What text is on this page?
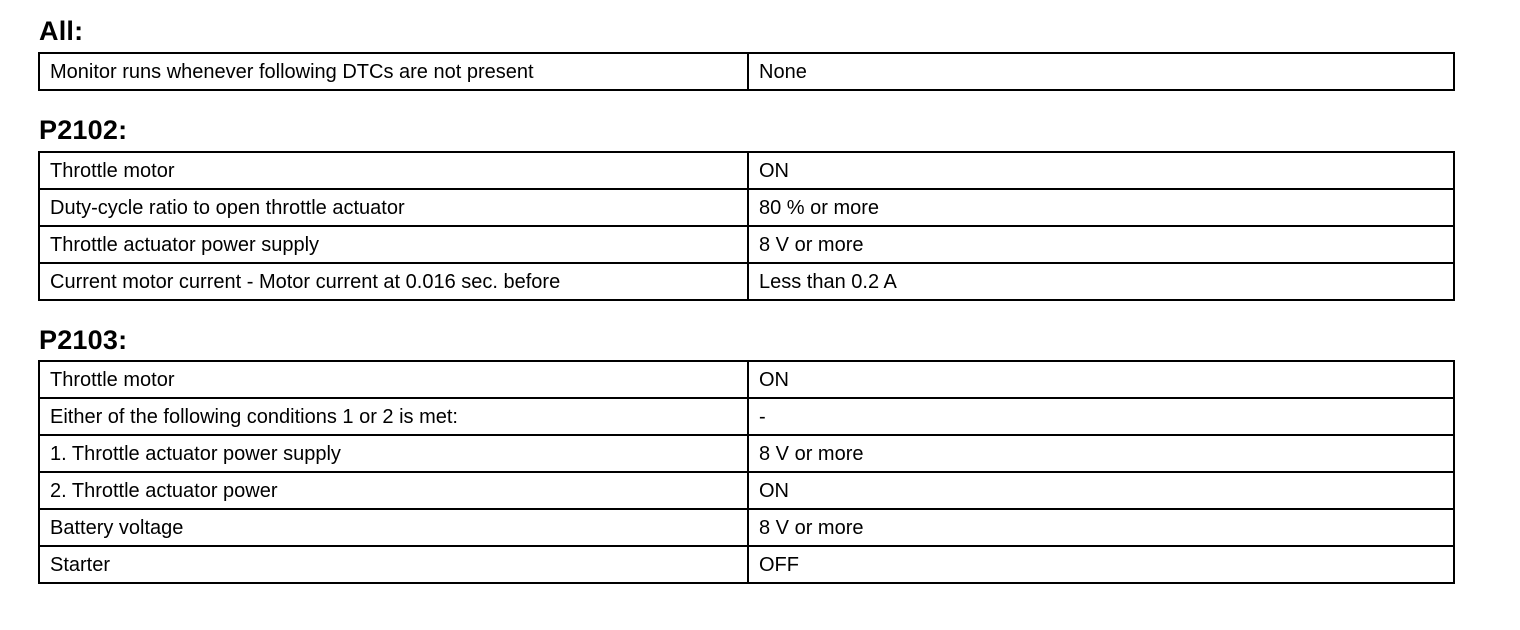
All:
Monitor runs whenever following DTCs are not present	None
P2102:
Throttle motor	ON
Duty-cycle ratio to open throttle actuator	80 % or more
Throttle actuator power supply	8 V or more
Current motor current - Motor current at 0.016 sec. before	Less than 0.2 A
P2103:
Throttle motor	ON
Either of the following conditions 1 or 2 is met:	-
1. Throttle actuator power supply	8 V or more
2. Throttle actuator power	ON
Battery voltage	8 V or more
Starter	OFF
